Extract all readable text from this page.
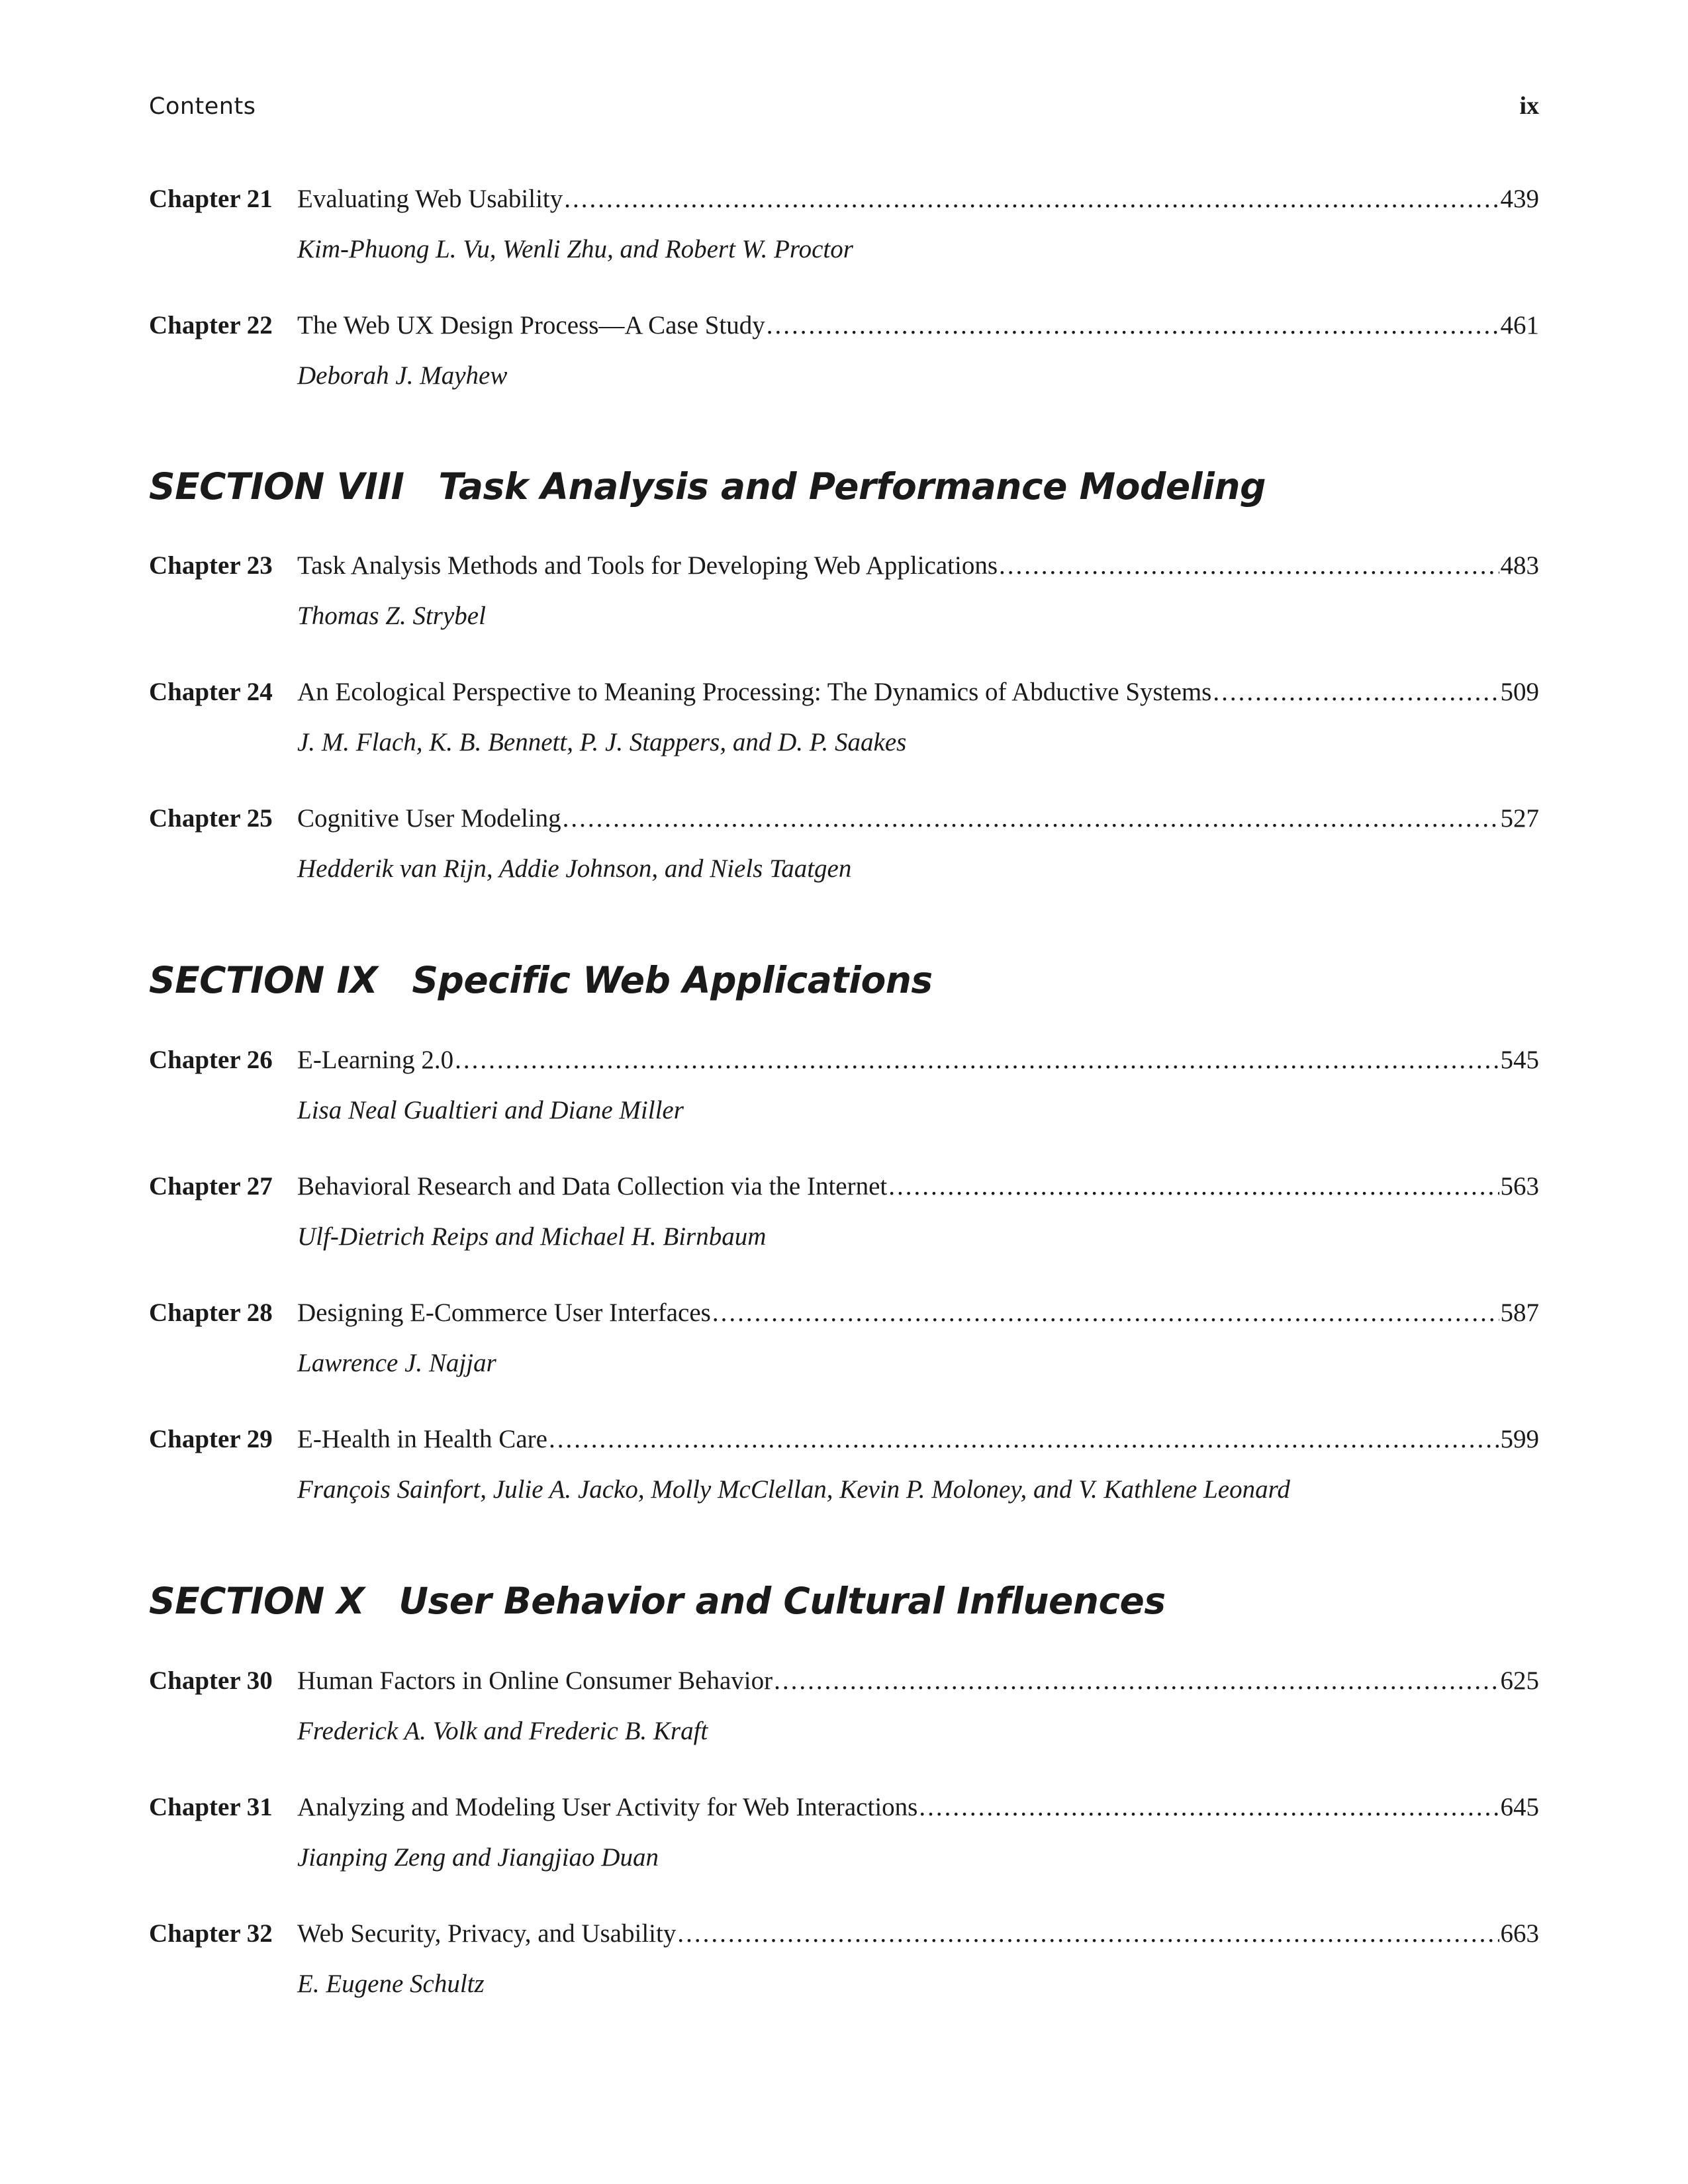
Contents	ix
Chapter 21 Evaluating Web Usability .....	439
Kim-Phuong L. Vu, Wenli Zhu, and Robert W. Proctor
Chapter 22 The Web UX Design Process—A Case Study .....	461
Deborah J. Mayhew
SECTION VIII Task Analysis and Performance Modeling
Chapter 23 Task Analysis Methods and Tools for Developing Web Applications .....	483
Thomas Z. Strybel
Chapter 24 An Ecological Perspective to Meaning Processing: The Dynamics of Abductive Systems .....	509
J. M. Flach, K. B. Bennett, P. J. Stappers, and D. P. Saakes
Chapter 25 Cognitive User Modeling .....	527
Hedderik van Rijn, Addie Johnson, and Niels Taatgen
SECTION IX Specific Web Applications
Chapter 26 E-Learning 2.0 .....	545
Lisa Neal Gualtieri and Diane Miller
Chapter 27 Behavioral Research and Data Collection via the Internet .....	563
Ulf-Dietrich Reips and Michael H. Birnbaum
Chapter 28 Designing E-Commerce User Interfaces .....	587
Lawrence J. Najjar
Chapter 29 E-Health in Health Care .....	599
François Sainfort, Julie A. Jacko, Molly McClellan, Kevin P. Moloney, and V. Kathlene Leonard
SECTION X User Behavior and Cultural Influences
Chapter 30 Human Factors in Online Consumer Behavior .....	625
Frederick A. Volk and Frederic B. Kraft
Chapter 31 Analyzing and Modeling User Activity for Web Interactions .....	645
Jianping Zeng and Jiangjiao Duan
Chapter 32 Web Security, Privacy, and Usability .....	663
E. Eugene Schultz
